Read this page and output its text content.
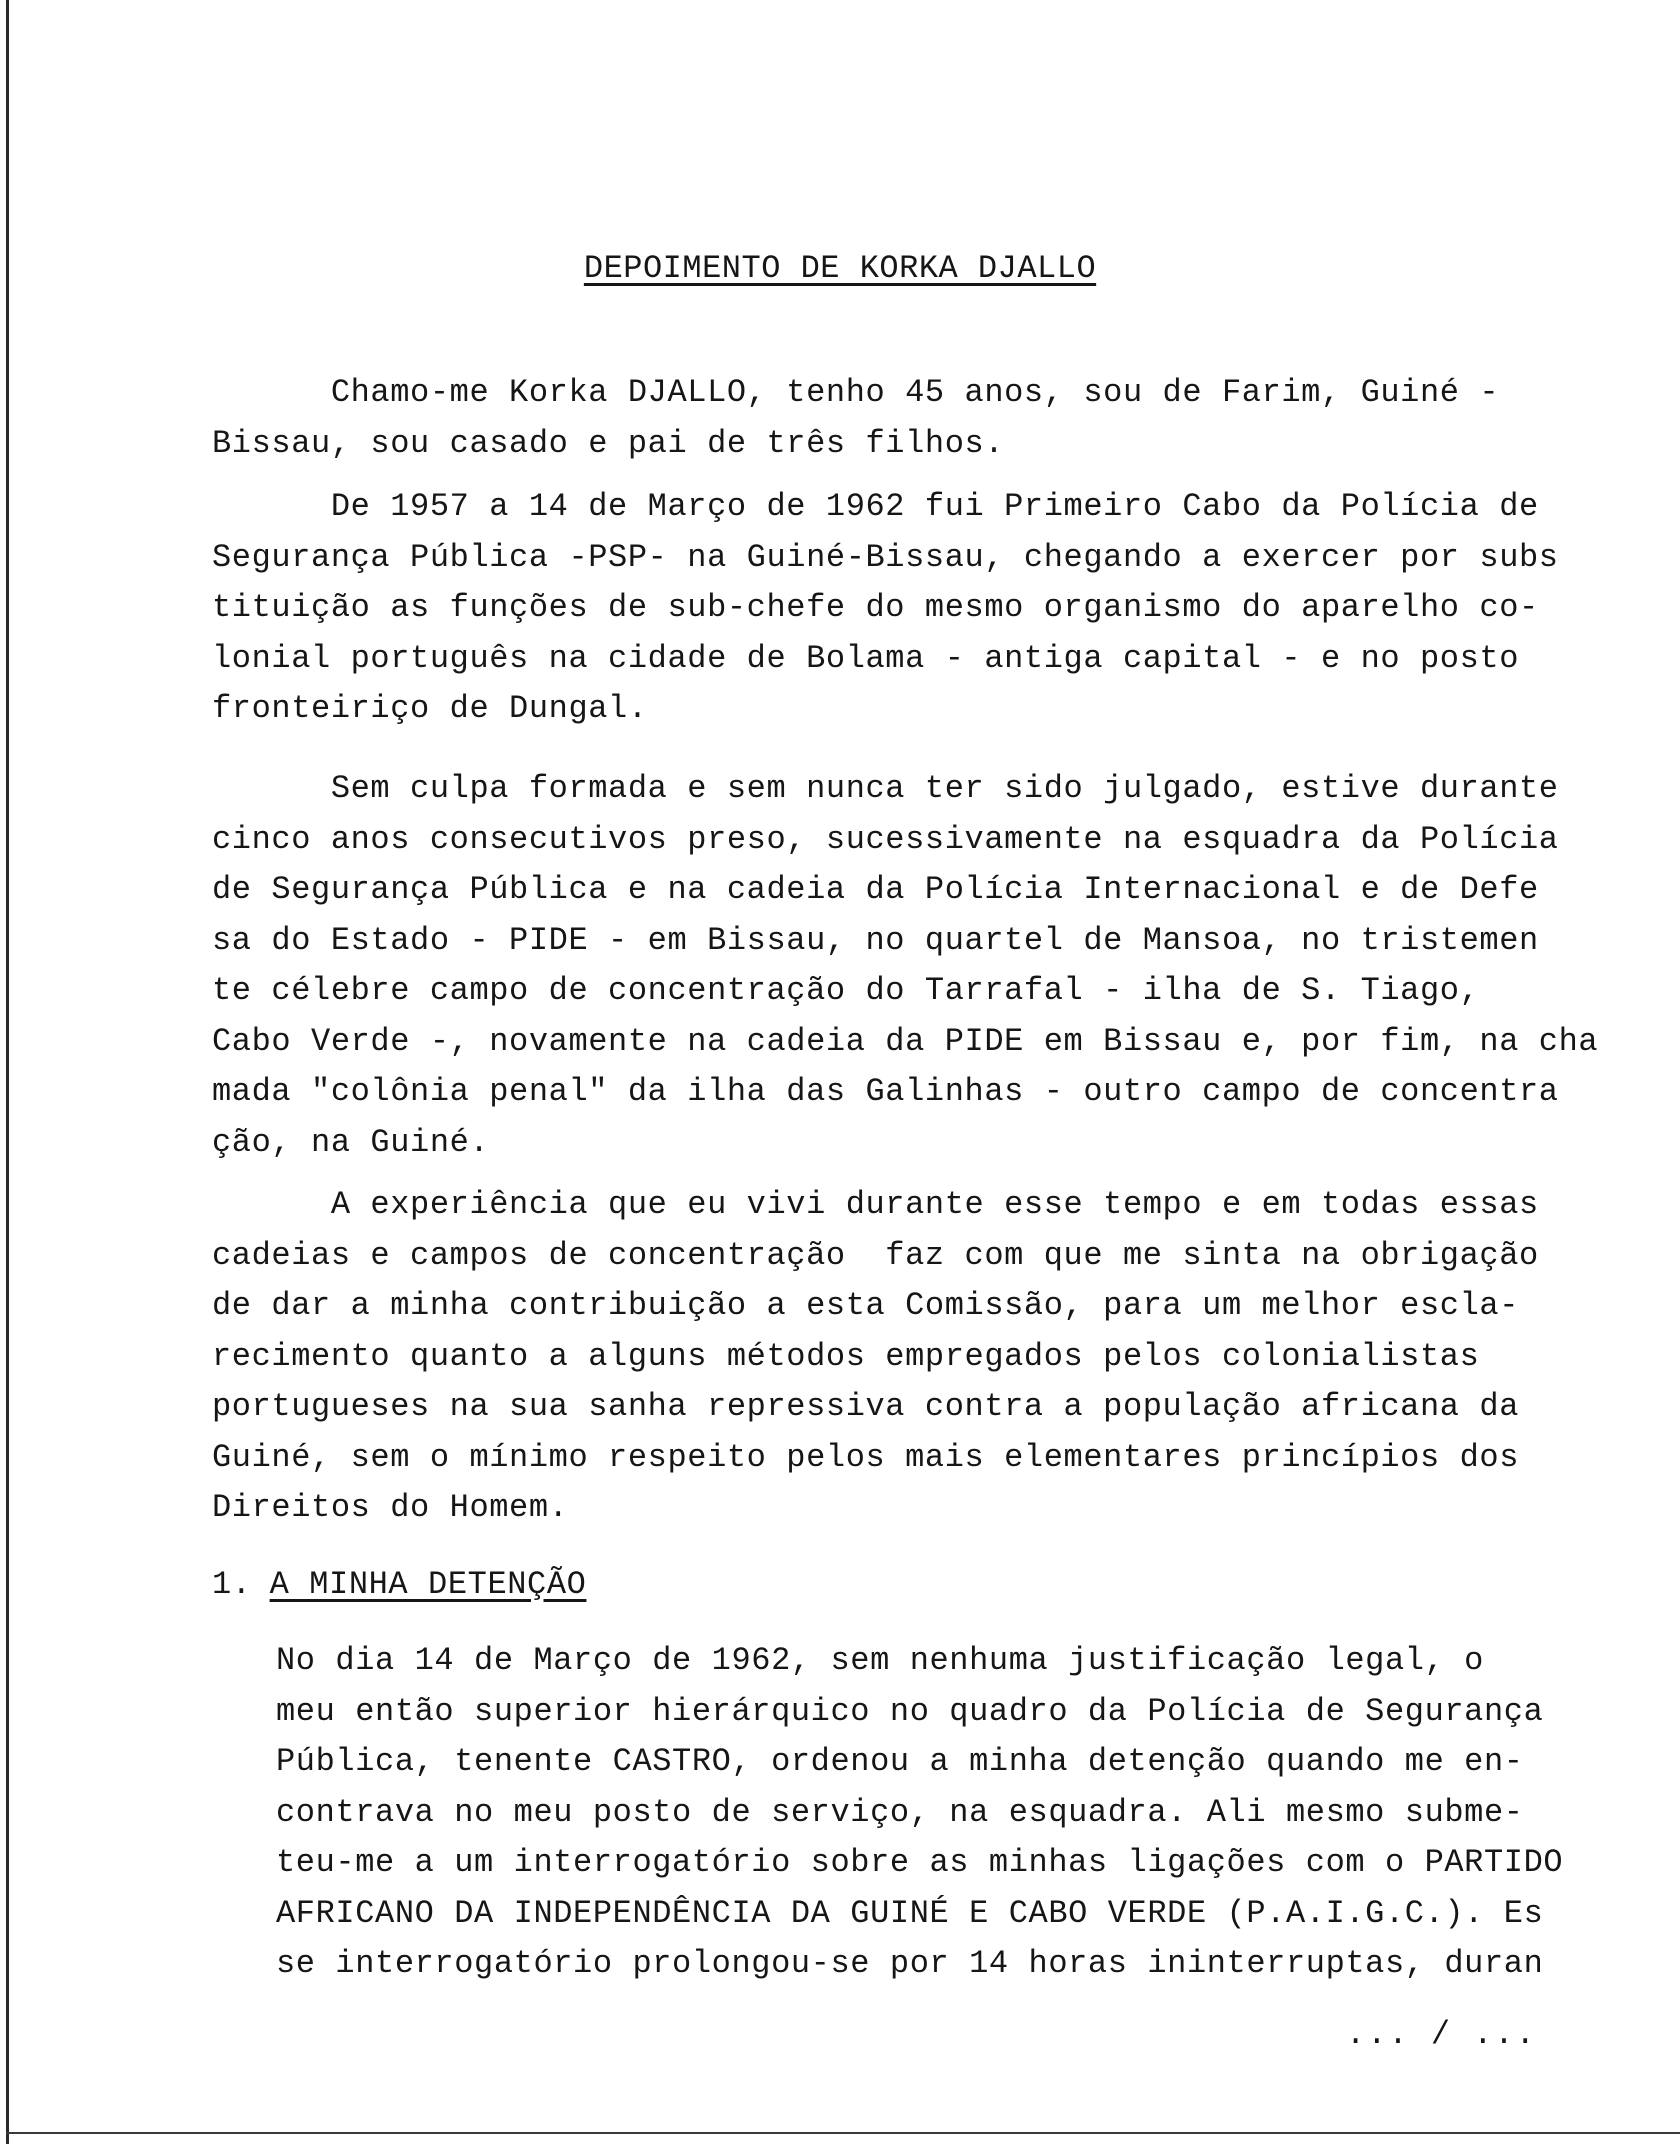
DEPOIMENTO DE KORKA DJALLO
Chamo-me Korka DJALLO, tenho 45 anos, sou de Farim, Guiné -
Bissau, sou casado e pai de três filhos.
De 1957 a 14 de Março de 1962 fui Primeiro Cabo da Polícia de
Segurança Pública -PSP- na Guiné-Bissau, chegando a exercer por subs
tituição as funções de sub-chefe do mesmo organismo do aparelho co-
lonial português na cidade de Bolama - antiga capital - e no posto
fronteiriço de Dungal.
Sem culpa formada e sem nunca ter sido julgado, estive durante
cinco anos consecutivos preso, sucessivamente na esquadra da Polícia
de Segurança Pública e na cadeia da Polícia Internacional e de Defe
sa do Estado - PIDE - em Bissau, no quartel de Mansoa, no tristemen
te célebre campo de concentração do Tarrafal - ilha de S. Tiago,
Cabo Verde -, novamente na cadeia da PIDE em Bissau e, por fim, na cha
mada "colônia penal" da ilha das Galinhas - outro campo de concentra
ção, na Guiné.
A experiência que eu vivi durante esse tempo e em todas essas
cadeias e campos de concentração  faz com que me sinta na obrigação
de dar a minha contribuição a esta Comissão, para um melhor escla-
recimento quanto a alguns métodos empregados pelos colonialistas
portugueses na sua sanha repressiva contra a população africana da
Guiné, sem o mínimo respeito pelos mais elementares princípios dos
Direitos do Homem.
1. A MINHA DETENÇÃO
No dia 14 de Março de 1962, sem nenhuma justificação legal, o
meu então superior hierárquico no quadro da Polícia de Segurança
Pública, tenente CASTRO, ordenou a minha detenção quando me en-
contrava no meu posto de serviço, na esquadra. Ali mesmo subme-
teu-me a um interrogatório sobre as minhas ligações com o PARTIDO
AFRICANO DA INDEPENDÊNCIA DA GUINÉ E CABO VERDE (P.A.I.G.C.). Es
se interrogatório prolongou-se por 14 horas ininterruptas, duran
... / ...
